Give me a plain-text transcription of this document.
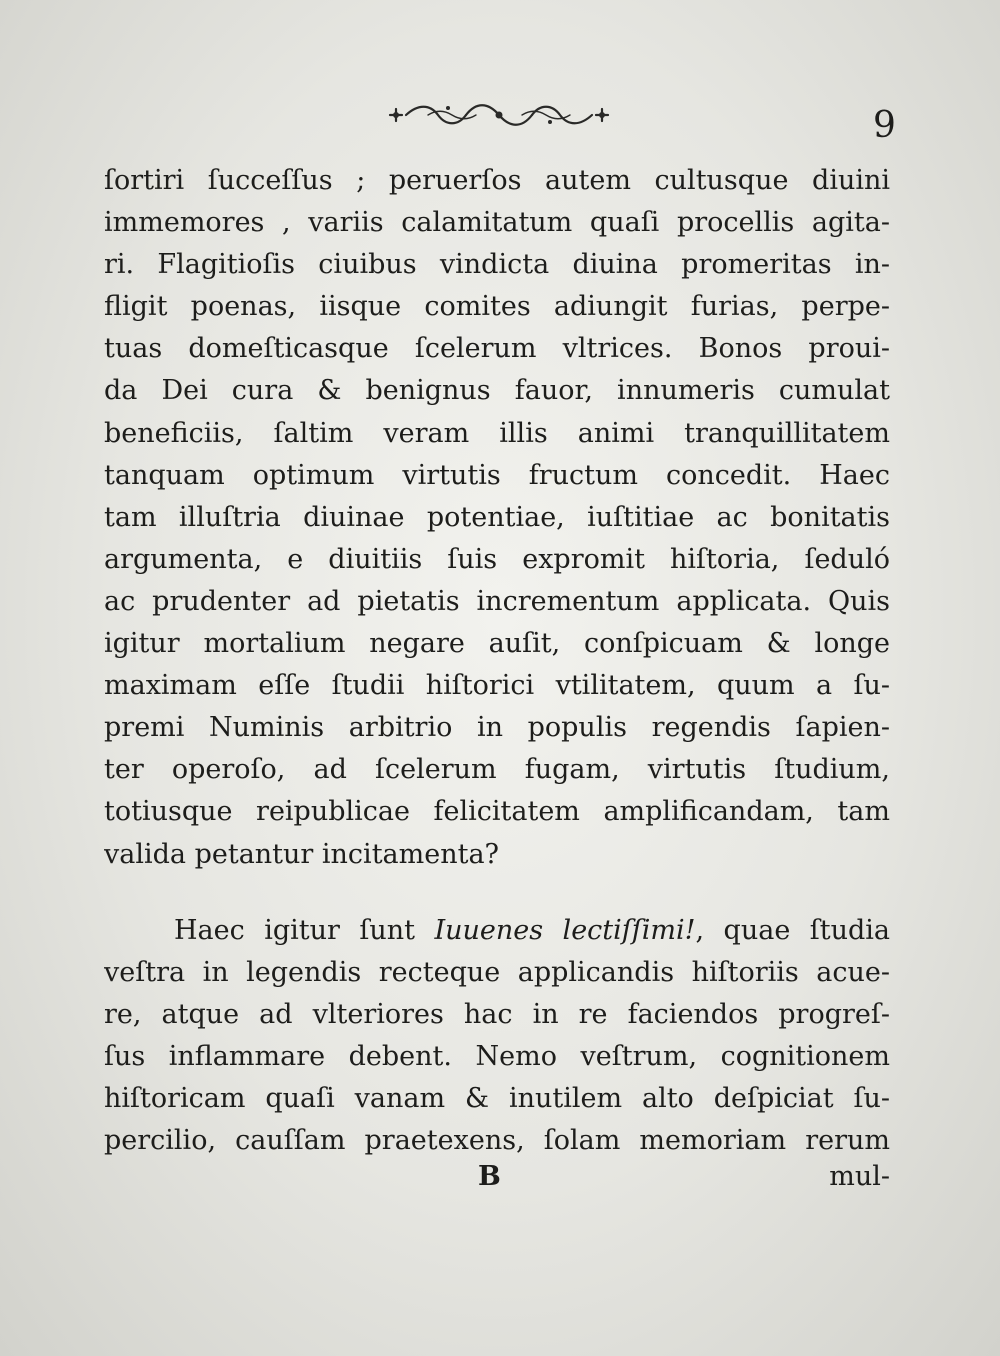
9
ſortiri ſucceſſus ; peruerſos autem cultusque diuini
immemores , variis calamitatum quaſi procellis agita-
ri. Flagitioſis ciuibus vindicta diuina promeritas in-
fligit poenas, iisque comites adiungit furias, perpe-
tuas domeſticasque ſcelerum vltrices. Bonos proui-
da Dei cura & benignus fauor, innumeris cumulat
beneficiis, ſaltim veram illis animi tranquillitatem
tanquam optimum virtutis fructum concedit. Haec
tam illuſtria diuinae potentiae, iuſtitiae ac bonitatis
argumenta, e diuitiis ſuis expromit hiſtoria, ſeduló
ac prudenter ad pietatis incrementum applicata. Quis
igitur mortalium negare auſit, conſpicuam & longe
maximam eſſe ſtudii hiſtorici vtilitatem, quum a ſu-
premi Numinis arbitrio in populis regendis ſapien-
ter operoſo, ad ſcelerum fugam, virtutis ſtudium,
totiusque reipublicae felicitatem amplificandam, tam
valida petantur incitamenta?
Haec igitur ſunt Iuuenes lectiſſimi!, quae ſtudia
veſtra in legendis recteque applicandis hiſtoriis acue-
re, atque ad vlteriores hac in re faciendos progreſ-
ſus inflammare debent. Nemo veſtrum, cognitionem
hiſtoricam quaſi vanam & inutilem alto deſpiciat ſu-
percilio, cauſſam praetexens, ſolam memoriam rerum
B	mul-
